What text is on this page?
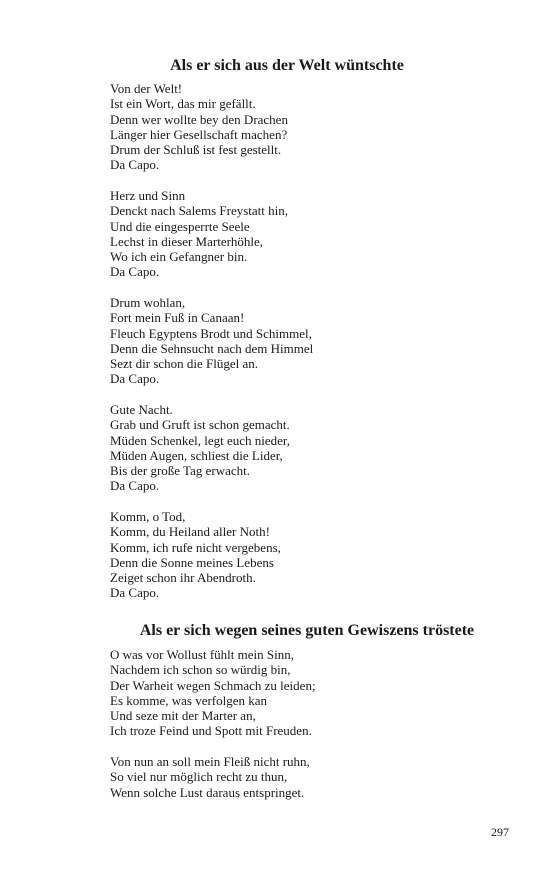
Als er sich aus der Welt wüntschte
Von der Welt!
Ist ein Wort, das mir gefällt.
Denn wer wollte bey den Drachen
Länger hier Gesellschaft machen?
Drum der Schluß ist fest gestellt.
Da Capo.
Herz und Sinn
Denckt nach Salems Freystatt hin,
Und die eingesperrte Seele
Lechst in dieser Marterhöhle,
Wo ich ein Gefangner bin.
Da Capo.
Drum wohlan,
Fort mein Fuß in Canaan!
Fleuch Egyptens Brodt und Schimmel,
Denn die Sehnsucht nach dem Himmel
Sezt dir schon die Flügel an.
Da Capo.
Gute Nacht.
Grab und Gruft ist schon gemacht.
Müden Schenkel, legt euch nieder,
Müden Augen, schliest die Lider,
Bis der große Tag erwacht.
Da Capo.
Komm, o Tod,
Komm, du Heiland aller Noth!
Komm, ich rufe nicht vergebens,
Denn die Sonne meines Lebens
Zeiget schon ihr Abendroth.
Da Capo.
Als er sich wegen seines guten Gewiszens tröstete
O was vor Wollust fühlt mein Sinn,
Nachdem ich schon so würdig bin,
Der Warheit wegen Schmach zu leiden;
Es komme, was verfolgen kan
Und seze mit der Marter an,
Ich troze Feind und Spott mit Freuden.
Von nun an soll mein Fleiß nicht ruhn,
So viel nur möglich recht zu thun,
Wenn solche Lust daraus entspringet.
297
